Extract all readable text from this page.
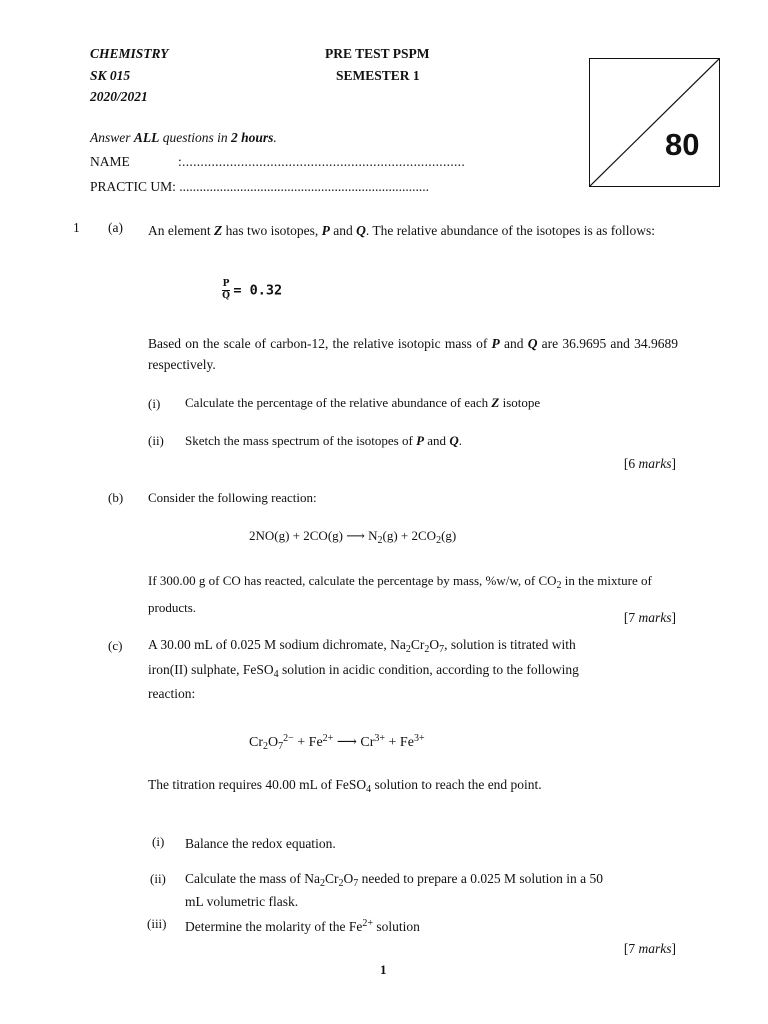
CHEMISTRY
SK 015
2020/2021
PRE TEST PSPM
SEMESTER 1
Answer ALL questions in 2 hours.
NAME	:.............................................................................
PRACTIC UM: ..........................................................................
80
1 (a) An element Z has two isotopes, P and Q. The relative abundance of the isotopes is as follows:
$\frac{P}{Q} = 0.32$
Based on the scale of carbon-12, the relative isotopic mass of P and Q are 36.9695 and 34.9689 respectively.
(i) Calculate the percentage of the relative abundance of each Z isotope
(ii) Sketch the mass spectrum of the isotopes of P and Q.
[6 marks]
(b) Consider the following reaction:
2NO(g) + 2CO(g) ⟶ $N_2(g) + 2CO_2(g)$
If 300.00 g of CO has reacted, calculate the percentage by mass, %w/w, of $CO_2$ in the mixture of products.
[7 marks]
(c) A 30.00 mL of 0.025 M sodium dichromate, $Na_2Cr_2O_7$, solution is titrated with
iron(II) sulphate, FeSO$_4$ solution in acidic condition, according to the following
reaction:
$Cr_2O_7^{2-} + Fe^{2+}$ ⟶ $Cr^{3+} + Fe^{3+}$
The titration requires 40.00 mL of FeSO$_4$ solution to reach the end point.
(i) Balance the redox equation.
(ii) Calculate the mass of $Na_2Cr_2O_7$ needed to prepare a 0.025 M solution in a 50
mL volumetric flask.
(iii) Determine the molarity of the $Fe^{2+}$ solution
[7 marks]
1
